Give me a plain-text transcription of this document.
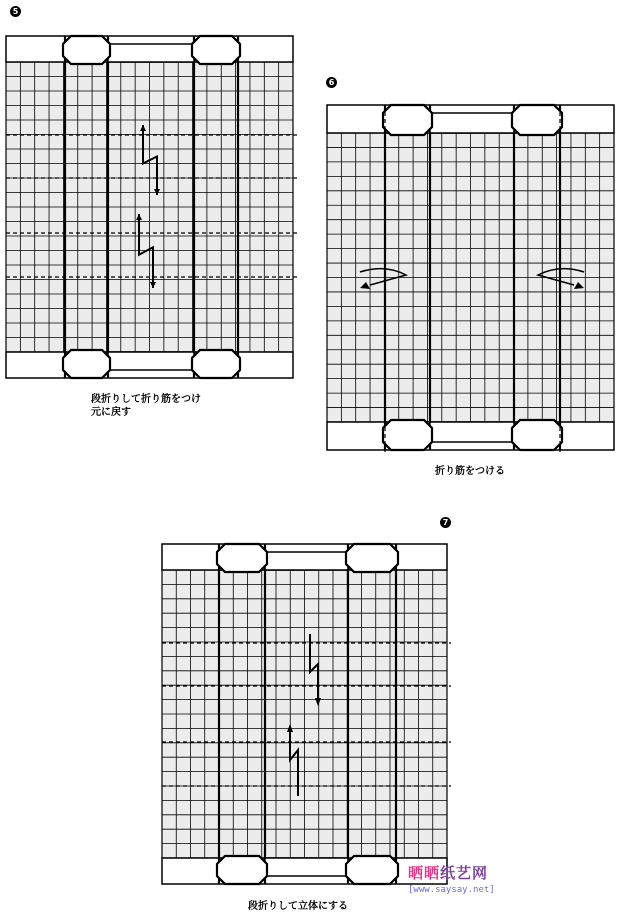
5
6
7
段折りして折り筋をつけ
元に戻す
折り筋をつける
段折りして立体にする
晒晒纸艺网
[www.saysay.net]
